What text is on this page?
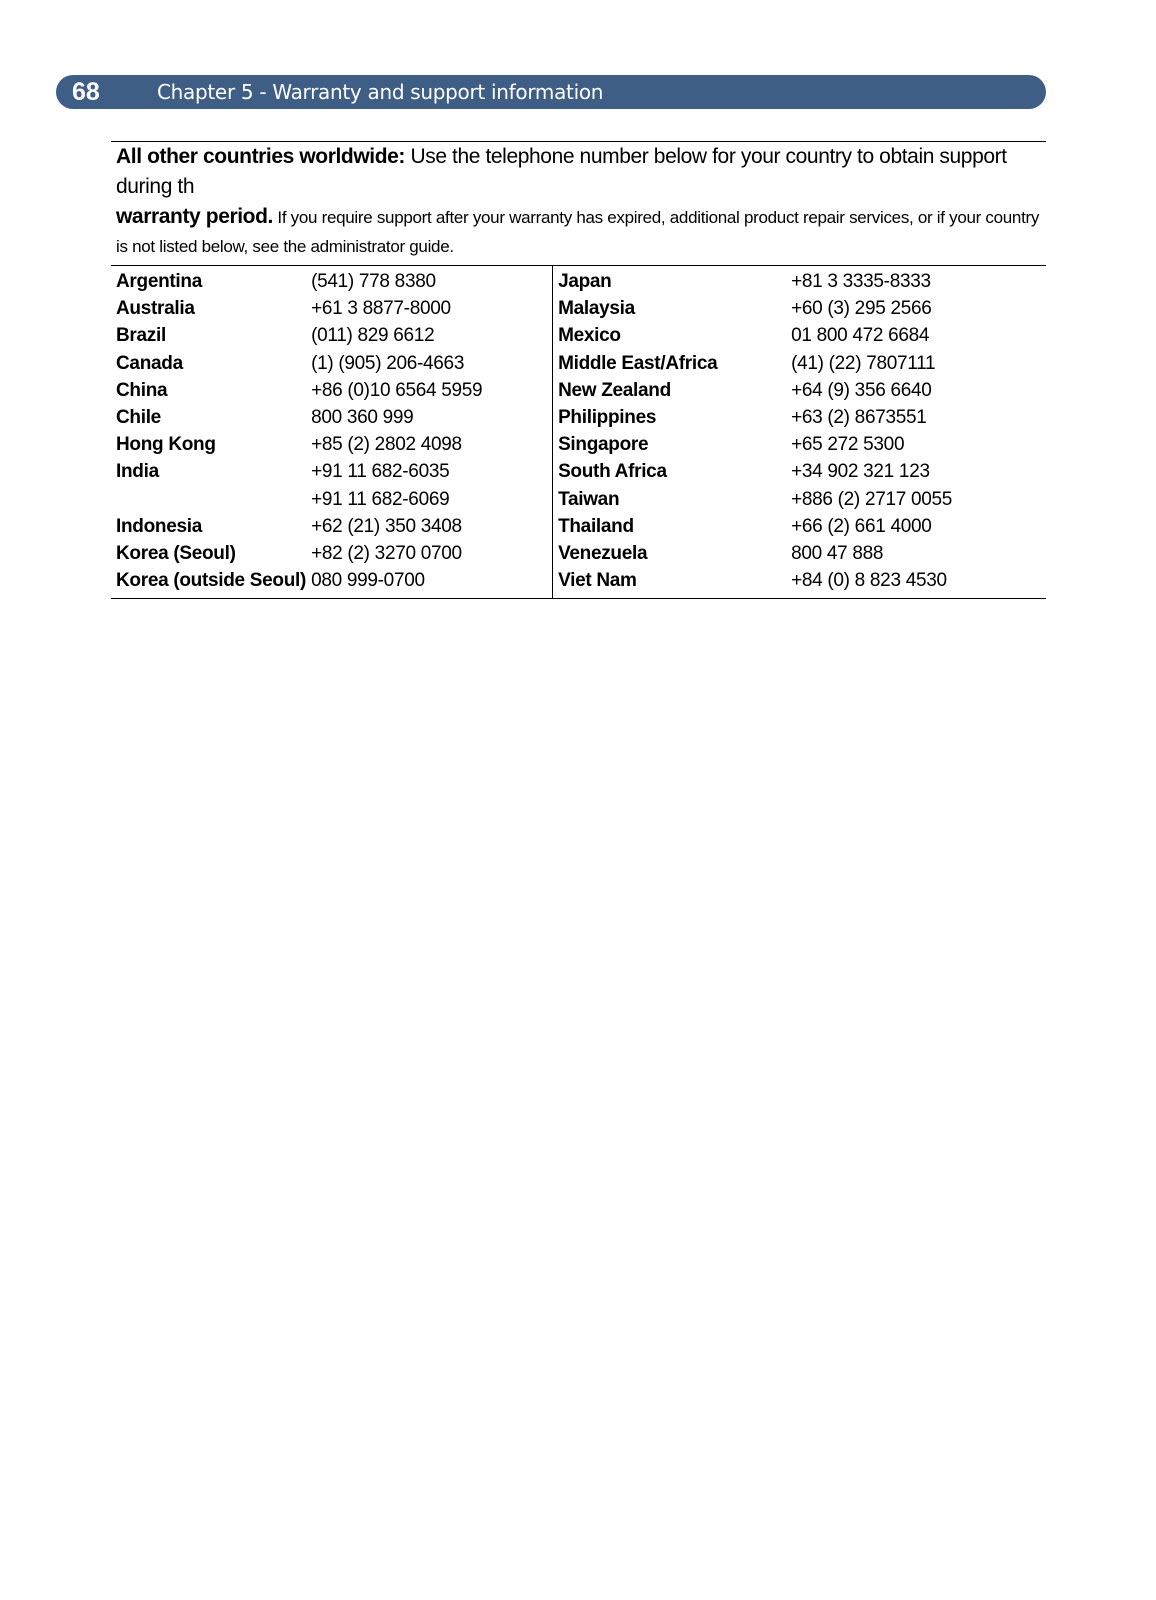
68	Chapter 5 - Warranty and support information
All other countries worldwide: Use the telephone number below for your country to obtain support during th
warranty period. If you require support after your warranty has expired, additional product repair services, or if your country is not listed below, see the administrator guide.
Argentina	(541) 778 8380	Japan	+81 3 3335-8333
Australia	+61 3 8877-8000	Malaysia	+60 (3) 295 2566
Brazil	(011) 829 6612	Mexico	01 800 472 6684
Canada	(1) (905) 206-4663	Middle East/Africa	(41) (22) 7807111
China	+86 (0)10 6564 5959	New Zealand	+64 (9) 356 6640
Chile	800 360 999	Philippines	+63 (2) 8673551
Hong Kong	+85 (2) 2802 4098	Singapore	+65 272 5300
India	+91 11 682-6035	South Africa	+34 902 321 123
	+91 11 682-6069	Taiwan	+886 (2) 2717 0055
Indonesia	+62 (21) 350 3408	Thailand	+66 (2) 661 4000
Korea (Seoul)	+82 (2) 3270 0700	Venezuela	800 47 888
Korea (outside Seoul)	080 999-0700	Viet Nam	+84 (0) 8 823 4530
